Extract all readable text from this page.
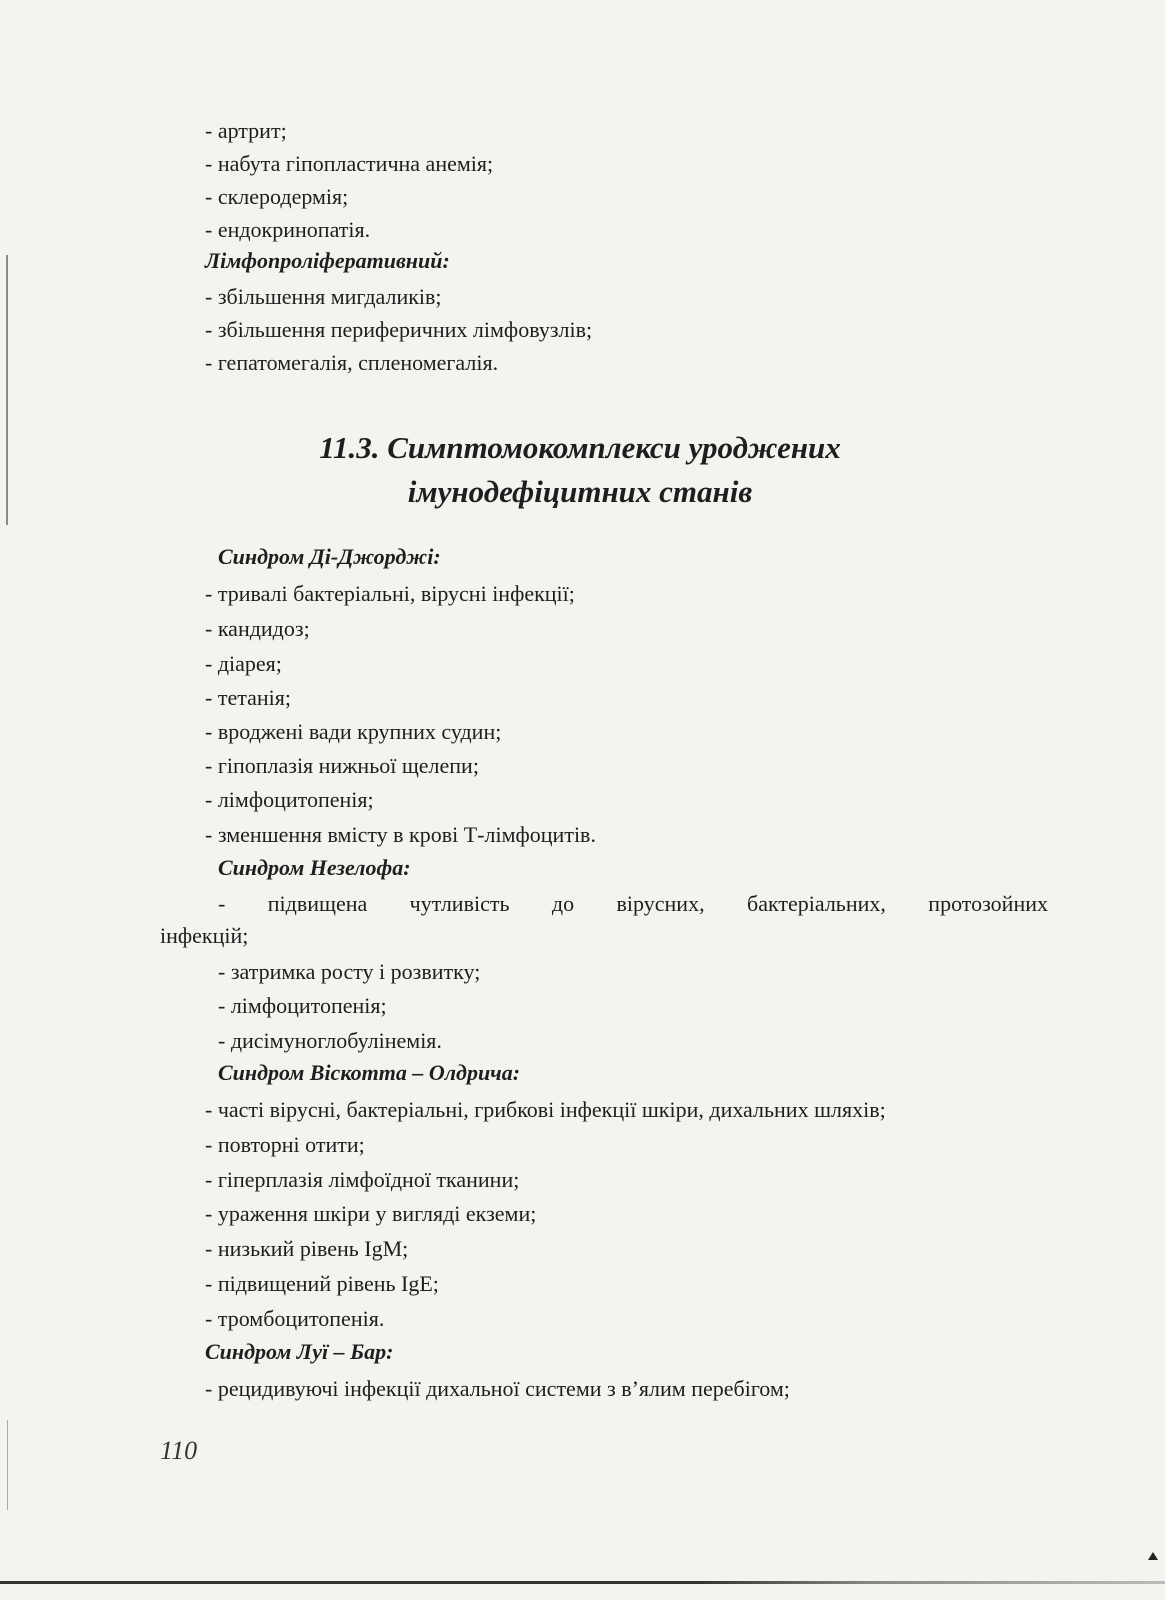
- артрит;
- набута гіпопластична анемія;
- склеродермія;
- ендокринопатія.
Лімфопроліферативний:
- збільшення мигдаликів;
- збільшення периферичних лімфовузлів;
- гепатомегалія, спленомегалія.
11.3. Симптомокомплекси уроджених
імунодефіцитних станів
Синдром Ді-Джорджі:
- тривалі бактеріальні, вірусні інфекції;
- кандидоз;
- діарея;
- тетанія;
- вроджені вади крупних судин;
- гіпоплазія нижньої щелепи;
- лімфоцитопенія;
- зменшення вмісту в крові Т-лімфоцитів.
Синдром Незелофа:
- підвищена чутливість до вірусних, бактеріальних, протозойних
інфекцій;
- затримка росту і розвитку;
- лімфоцитопенія;
- дисімуноглобулінемія.
Синдром Віскотта – Олдрича:
- часті вірусні, бактеріальні, грибкові інфекції шкіри, дихальних шляхів;
- повторні отити;
- гіперплазія лімфоїдної тканини;
- ураження шкіри у вигляді екземи;
- низький рівень IgM;
- підвищений рівень IgE;
- тромбоцитопенія.
Синдром Луї – Бар:
- рецидивуючі інфекції дихальної системи з в’ялим перебігом;
110
